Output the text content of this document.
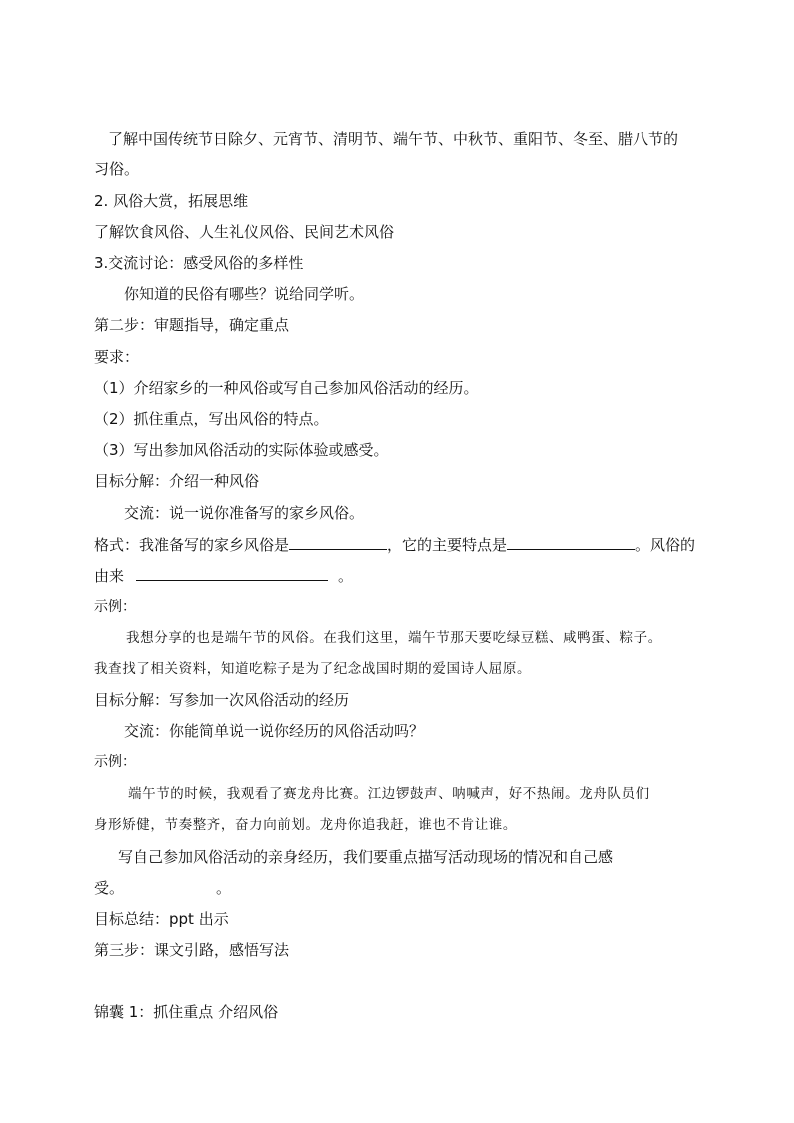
了解中国传统节日除夕、元宵节、清明节、端午节、中秋节、重阳节、冬至、腊八节的
习俗。
2. 风俗大赏，拓展思维
了解饮食风俗、人生礼仪风俗、民间艺术风俗
3.交流讨论：感受风俗的多样性
你知道的民俗有哪些？说给同学听。
第二步：审题指导，确定重点
要求：
（1）介绍家乡的一种风俗或写自己参加风俗活动的经历。
（2）抓住重点，写出风俗的特点。
（3）写出参加风俗活动的实际体验或感受。
目标分解：介绍一种风俗
交流：说一说你准备写的家乡风俗。
格式：我准备写的家乡风俗是	，它的主要特点是	。风俗的
由来	。
示例：
我想分享的也是端午节的风俗。在我们这里，端午节那天要吃绿豆糕、咸鸭蛋、粽子。
我查找了相关资料，知道吃粽子是为了纪念战国时期的爱国诗人屈原。
目标分解：写参加一次风俗活动的经历
交流：你能简单说一说你经历的风俗活动吗？
示例：
端午节的时候，我观看了赛龙舟比赛。江边锣鼓声、呐喊声，好不热闹。龙舟队员们
身形矫健，节奏整齐，奋力向前划。龙舟你追我赶，谁也不肯让谁。
写自己参加风俗活动的亲身经历，我们要重点描写活动现场的情况和自己感
受。	。
目标总结：ppt 出示
第三步：课文引路，感悟写法
锦囊 1：抓住重点 介绍风俗
